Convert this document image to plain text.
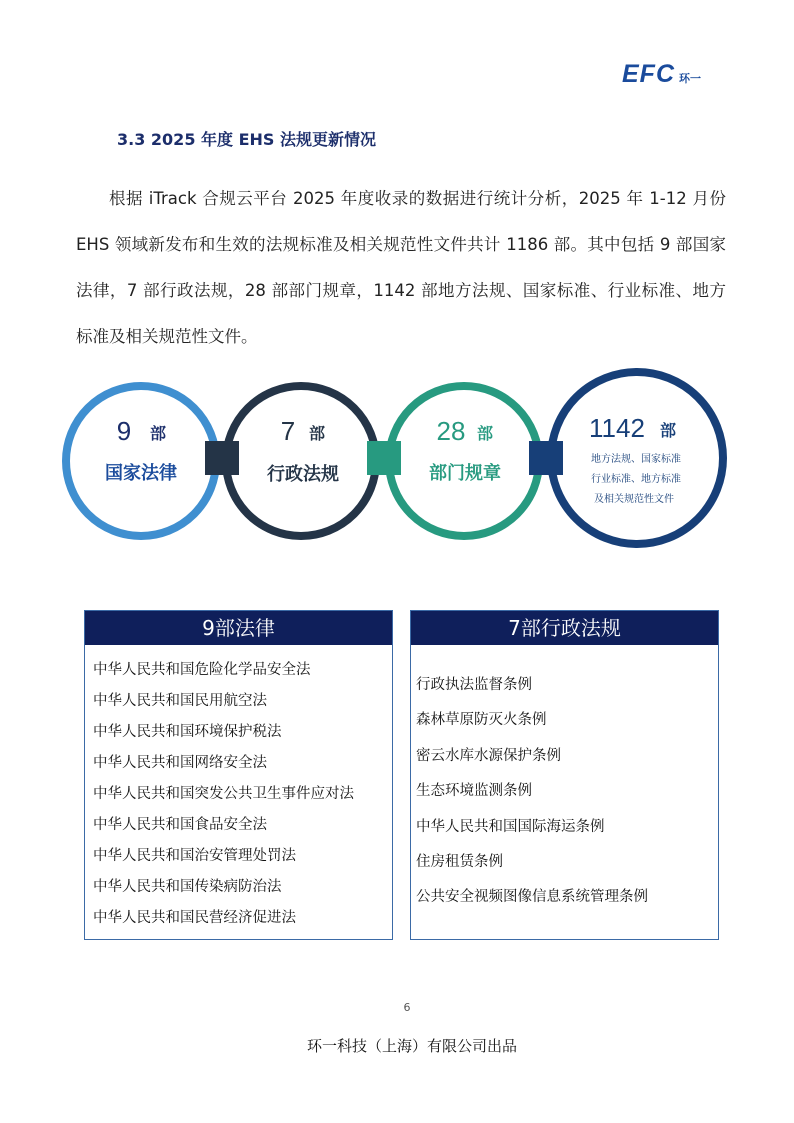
EFC 环一
3.3 2025 年度 EHS 法规更新情况

根据 iTrack 合规云平台 2025 年度收录的数据进行统计分析，2025 年 1-12 月份 EHS 领域新发布和生效的法规标准及相关规范性文件共计 1186 部。其中包括 9 部国家法律，7 部行政法规，28 部部门规章，1142 部地方法规、国家标准、行业标准、地方标准及相关规范性文件。

9 部
国家法律
7 部
行政法规
28 部
部门规章
1142 部
地方法规、国家标准
行业标准、地方标准
及相关规范性文件
9部法律
中华人民共和国危险化学品安全法
中华人民共和国民用航空法
中华人民共和国环境保护税法
中华人民共和国网络安全法
中华人民共和国突发公共卫生事件应对法
中华人民共和国食品安全法
中华人民共和国治安管理处罚法
中华人民共和国传染病防治法
中华人民共和国民营经济促进法
7部行政法规
行政执法监督条例
森林草原防灭火条例
密云水库水源保护条例
生态环境监测条例
中华人民共和国国际海运条例
住房租赁条例
公共安全视频图像信息系统管理条例
6
环一科技（上海）有限公司出品
